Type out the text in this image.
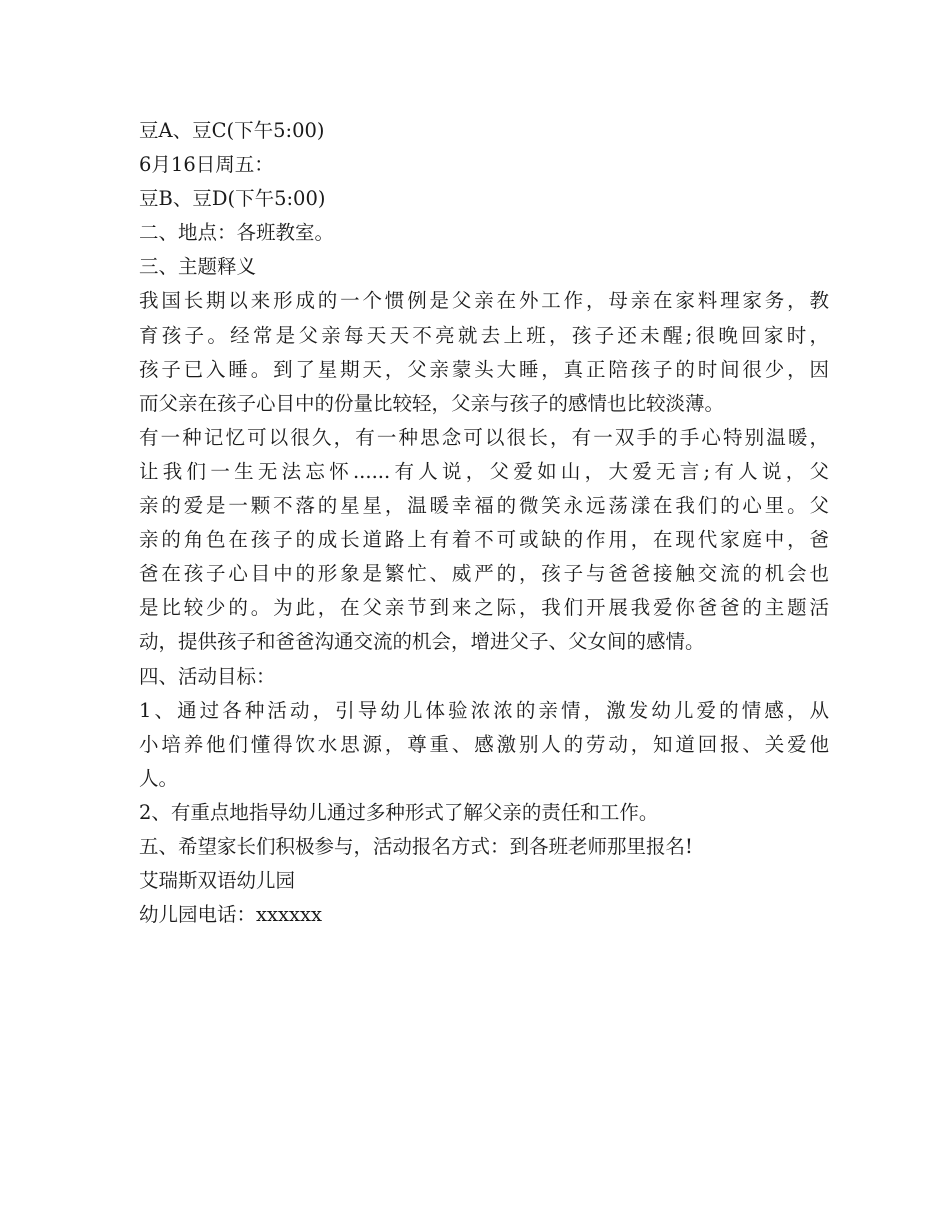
豆A、豆C(下午5:00)
6月16日周五：
豆B、豆D(下午5:00)
二、地点：各班教室。
三、主题释义
我国长期以来形成的一个惯例是父亲在外工作，母亲在家料理家务，教
育孩子。经常是父亲每天天不亮就去上班，孩子还未醒;很晚回家时，
孩子已入睡。到了星期天，父亲蒙头大睡，真正陪孩子的时间很少，因
而父亲在孩子心目中的份量比较轻，父亲与孩子的感情也比较淡薄。
有一种记忆可以很久，有一种思念可以很长，有一双手的手心特别温暖，
让我们一生无法忘怀......有人说，父爱如山，大爱无言;有人说，父
亲的爱是一颗不落的星星，温暖幸福的微笑永远荡漾在我们的心里。父
亲的角色在孩子的成长道路上有着不可或缺的作用，在现代家庭中，爸
爸在孩子心目中的形象是繁忙、威严的，孩子与爸爸接触交流的机会也
是比较少的。为此，在父亲节到来之际，我们开展我爱你爸爸的主题活
动，提供孩子和爸爸沟通交流的机会，增进父子、父女间的感情。
四、活动目标：
1、通过各种活动，引导幼儿体验浓浓的亲情，激发幼儿爱的情感，从
小培养他们懂得饮水思源，尊重、感激别人的劳动，知道回报、关爱他
人。
2、有重点地指导幼儿通过多种形式了解父亲的责任和工作。
五、希望家长们积极参与，活动报名方式：到各班老师那里报名!
艾瑞斯双语幼儿园
幼儿园电话：xxxxxx
